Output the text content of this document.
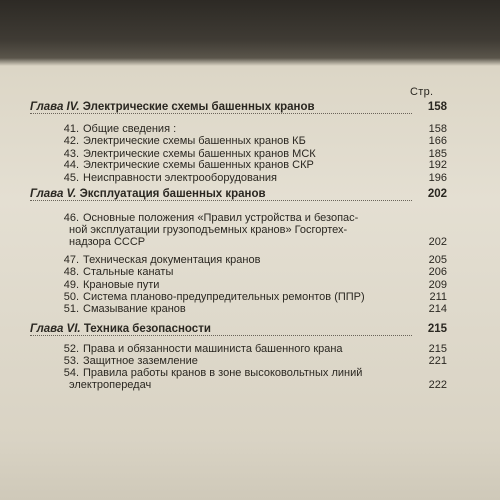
Стр.
Глава IV. Электрические схемы башенных кранов	158
41. Общие сведения :	158
42. Электрические схемы башенных кранов КБ	166
43. Электрические схемы башенных кранов МСК	185
44. Электрические схемы башенных кранов СКР	192
45. Неисправности электрооборудования	196
Глава V. Эксплуатация башенных кранов	202
46. Основные положения «Правил устройства и безопас-
ной эксплуатации грузоподъемных кранов» Госгортех-
надзора СССР	202
47. Техническая документация кранов	205
48. Стальные канаты	206
49. Крановые пути	209
50. Система планово-предупредительных ремонтов (ППР)	211
51. Смазывание кранов	214
Глава VI. Техника безопасности	215
52. Права и обязанности машиниста башенного крана	215
53. Защитное заземление	221
54. Правила работы кранов в зоне высоковольтных линий
электропередач	222
